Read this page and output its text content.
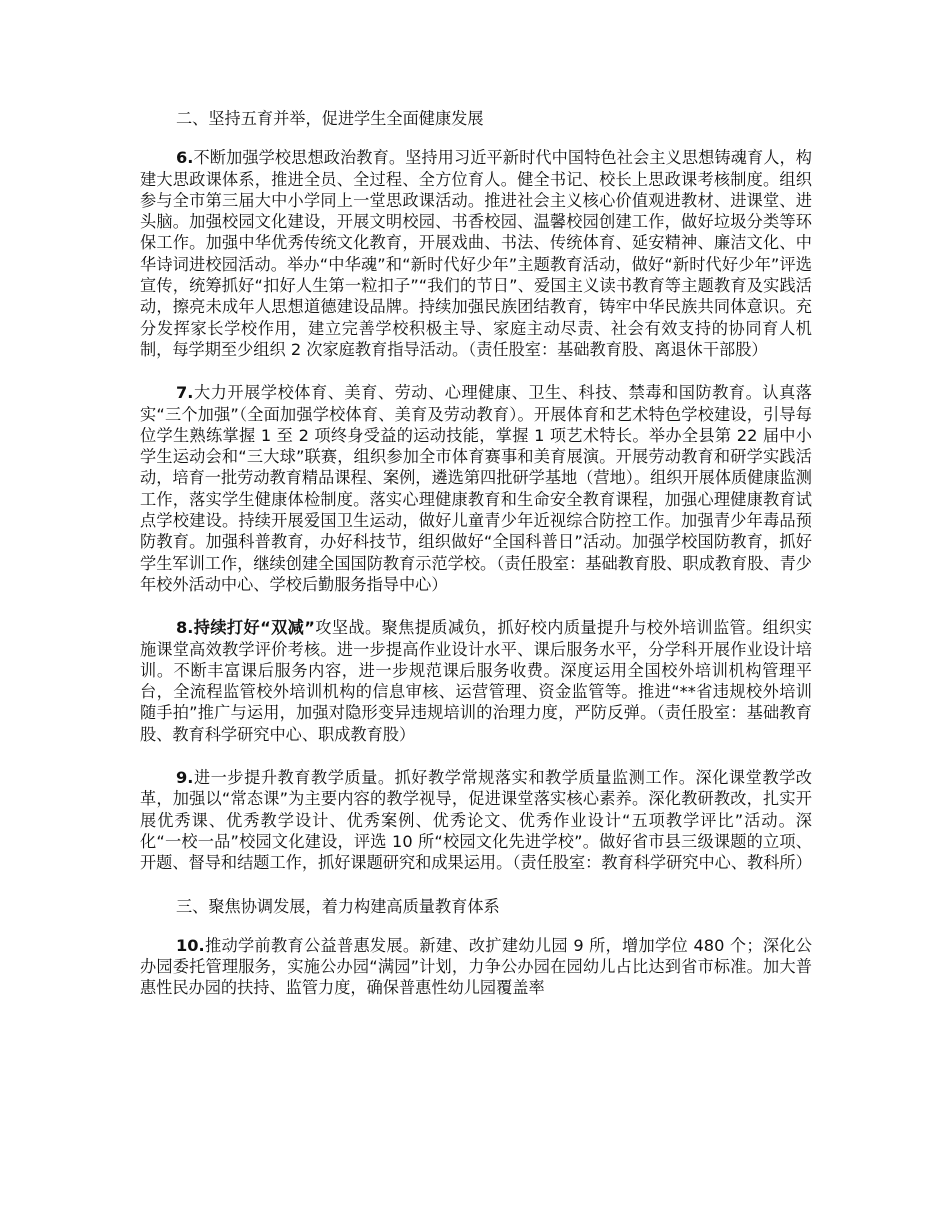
二、坚持五育并举，促进学生全面健康发展

6.不断加强学校思想政治教育。坚持用习近平新时代中国特色社会主义思想铸魂育人，构建大思政课体系，推进全员、全过程、全方位育人。健全书记、校长上思政课考核制度。组织参与全市第三届大中小学同上一堂思政课活动。推进社会主义核心价值观进教材、进课堂、进头脑。加强校园文化建设，开展文明校园、书香校园、温馨校园创建工作，做好垃圾分类等环保工作。加强中华优秀传统文化教育，开展戏曲、书法、传统体育、延安精神、廉洁文化、中华诗词进校园活动。举办“中华魂”和“新时代好少年”主题教育活动，做好“新时代好少年”评选宣传，统筹抓好“扣好人生第一粒扣子”“我们的节日”、爱国主义读书教育等主题教育及实践活动，擦亮未成年人思想道德建设品牌。持续加强民族团结教育，铸牢中华民族共同体意识。充分发挥家长学校作用，建立完善学校积极主导、家庭主动尽责、社会有效支持的协同育人机制，每学期至少组织 2 次家庭教育指导活动。（责任股室：基础教育股、离退休干部股）

7.大力开展学校体育、美育、劳动、心理健康、卫生、科技、禁毒和国防教育。认真落实“三个加强”（全面加强学校体育、美育及劳动教育）。开展体育和艺术特色学校建设，引导每位学生熟练掌握 1 至 2 项终身受益的运动技能，掌握 1 项艺术特长。举办全县第 22 届中小学生运动会和“三大球”联赛，组织参加全市体育赛事和美育展演。开展劳动教育和研学实践活动，培育一批劳动教育精品课程、案例，遴选第四批研学基地（营地）。组织开展体质健康监测工作，落实学生健康体检制度。落实心理健康教育和生命安全教育课程，加强心理健康教育试点学校建设。持续开展爱国卫生运动，做好儿童青少年近视综合防控工作。加强青少年毒品预防教育。加强科普教育，办好科技节，组织做好“全国科普日”活动。加强学校国防教育，抓好学生军训工作，继续创建全国国防教育示范学校。（责任股室：基础教育股、职成教育股、青少年校外活动中心、学校后勤服务指导中心）

8.持续打好“双减”攻坚战。聚焦提质减负，抓好校内质量提升与校外培训监管。组织实施课堂高效教学评价考核。进一步提高作业设计水平、课后服务水平，分学科开展作业设计培训。不断丰富课后服务内容，进一步规范课后服务收费。深度运用全国校外培训机构管理平台，全流程监管校外培训机构的信息审核、运营管理、资金监管等。推进“**省违规校外培训随手拍”推广与运用，加强对隐形变异违规培训的治理力度，严防反弹。（责任股室：基础教育股、教育科学研究中心、职成教育股）

9.进一步提升教育教学质量。抓好教学常规落实和教学质量监测工作。深化课堂教学改革，加强以“常态课”为主要内容的教学视导，促进课堂落实核心素养。深化教研教改，扎实开展优秀课、优秀教学设计、优秀案例、优秀论文、优秀作业设计“五项教学评比”活动。深化“一校一品”校园文化建设，评选 10 所“校园文化先进学校”。做好省市县三级课题的立项、开题、督导和结题工作，抓好课题研究和成果运用。（责任股室：教育科学研究中心、教科所）

三、聚焦协调发展，着力构建高质量教育体系

10.推动学前教育公益普惠发展。新建、改扩建幼儿园 9 所，增加学位 480 个；深化公办园委托管理服务，实施公办园“满园”计划，力争公办园在园幼儿占比达到省市标准。加大普惠性民办园的扶持、监管力度，确保普惠性幼儿园覆盖率
